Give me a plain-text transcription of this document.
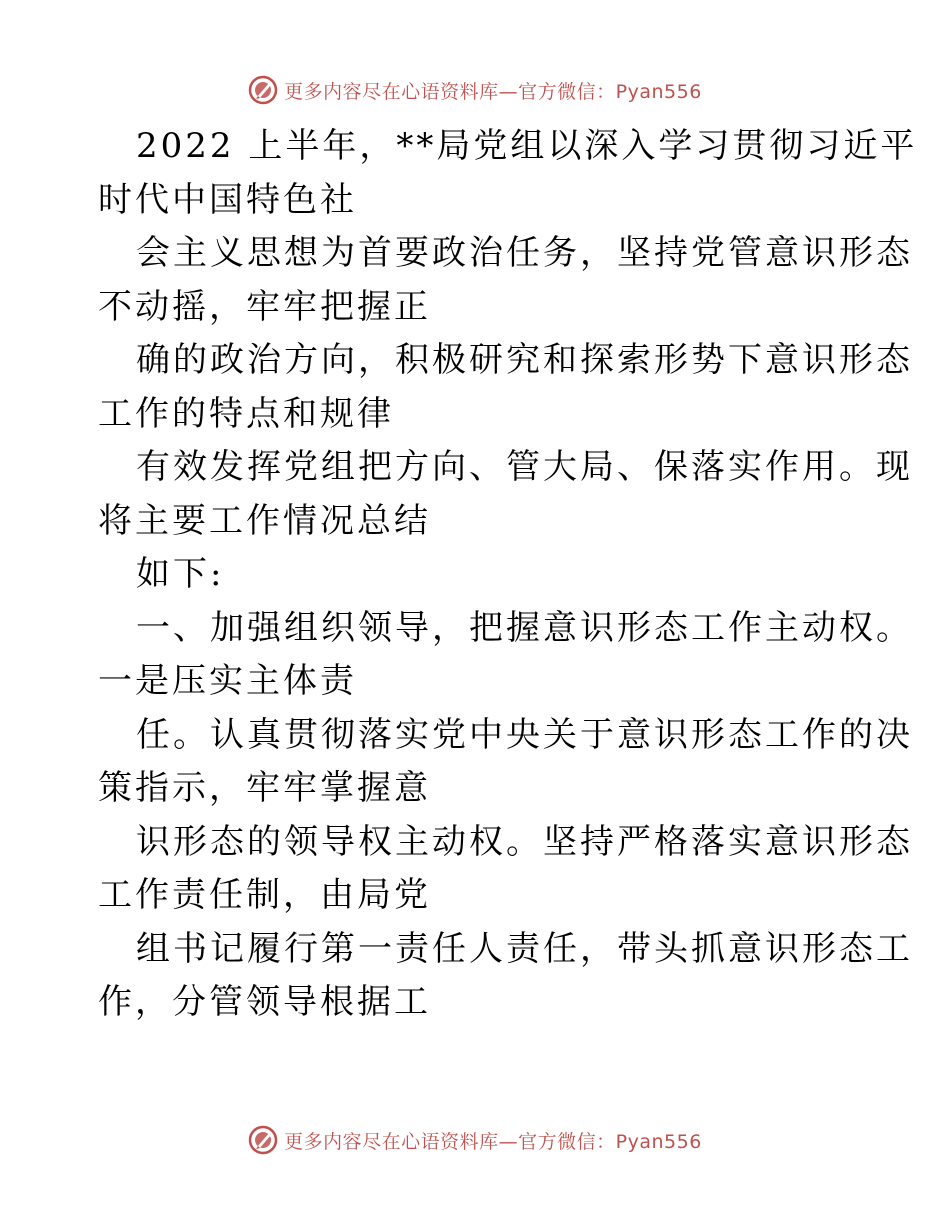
更多内容尽在心语资料库—官方微信：Pyan556
2022 上半年，**局党组以深入学习贯彻习近平
时代中国特色社
会主义思想为首要政治任务，坚持党管意识形态
不动摇，牢牢把握正
确的政治方向，积极研究和探索形势下意识形态
工作的特点和规律
有效发挥党组把方向、管大局、保落实作用。现
将主要工作情况总结
如下:
一、加强组织领导，把握意识形态工作主动权。
一是压实主体责
任。认真贯彻落实党中央关于意识形态工作的决
策指示，牢牢掌握意
识形态的领导权主动权。坚持严格落实意识形态
工作责任制，由局党
组书记履行第一责任人责任，带头抓意识形态工
作，分管领导根据工
更多内容尽在心语资料库—官方微信：Pyan556
